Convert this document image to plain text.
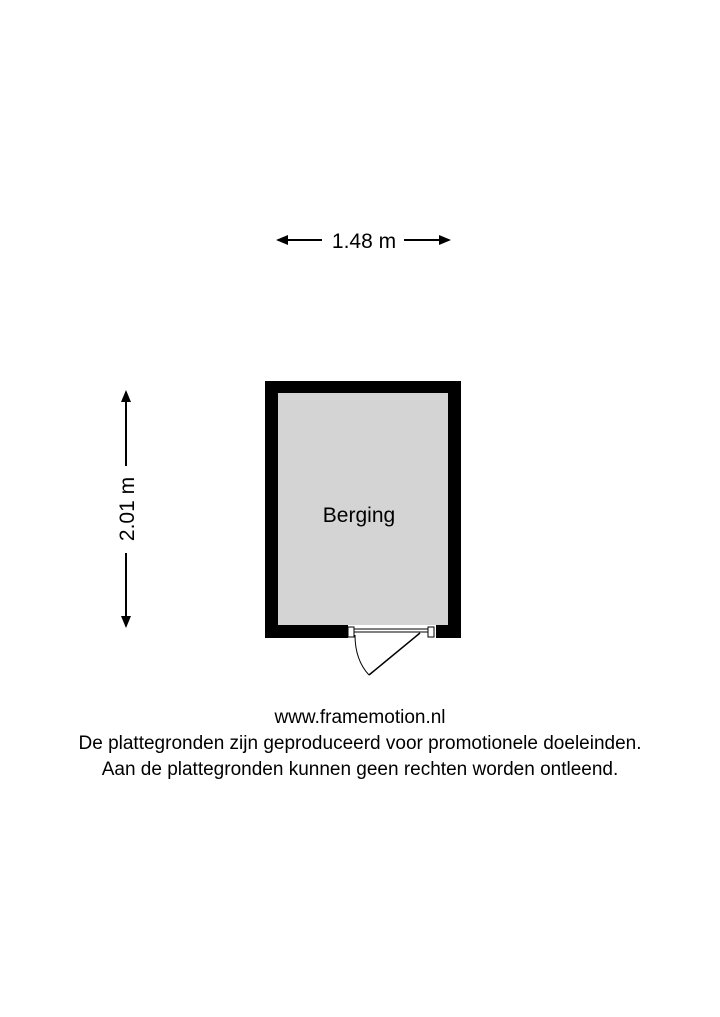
1.48 m
2.01 m	Berging
www.framemotion.nl
De plattegronden zijn geproduceerd voor promotionele doeleinden.
Aan de plattegronden kunnen geen rechten worden ontleend.
